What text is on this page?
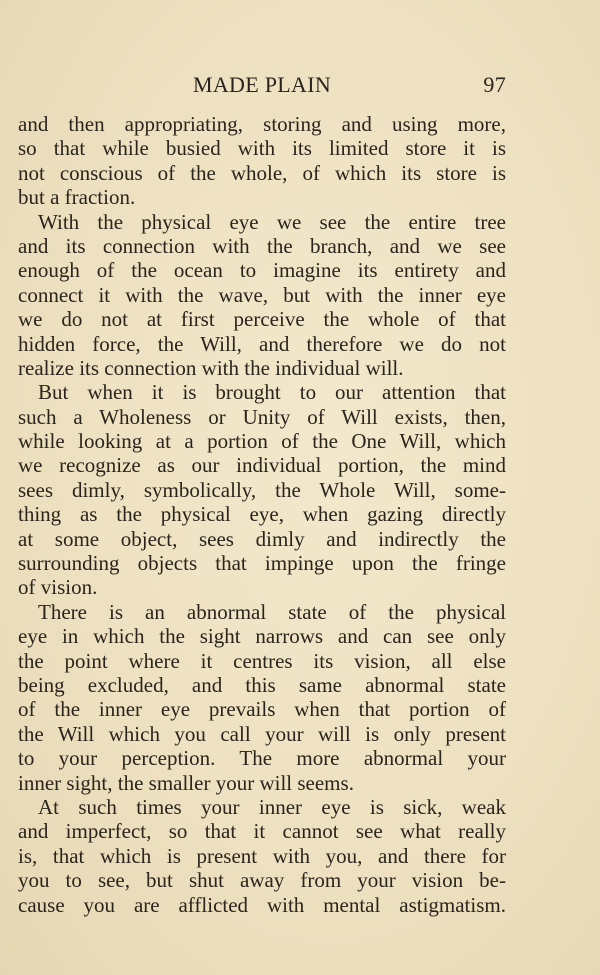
MADE PLAIN	97
and then appropriating, storing and using more,
so that while busied with its limited store it is
not conscious of the whole, of which its store is
but a fraction.
With the physical eye we see the entire tree
and its connection with the branch, and we see
enough of the ocean to imagine its entirety and
connect it with the wave, but with the inner eye
we do not at first perceive the whole of that
hidden force, the Will, and therefore we do not
realize its connection with the individual will.
But when it is brought to our attention that
such a Wholeness or Unity of Will exists, then,
while looking at a portion of the One Will, which
we recognize as our individual portion, the mind
sees dimly, symbolically, the Whole Will, some-
thing as the physical eye, when gazing directly
at some object, sees dimly and indirectly the
surrounding objects that impinge upon the fringe
of vision.
There is an abnormal state of the physical
eye in which the sight narrows and can see only
the point where it centres its vision, all else
being excluded, and this same abnormal state
of the inner eye prevails when that portion of
the Will which you call your will is only present
to your perception. The more abnormal your
inner sight, the smaller your will seems.
At such times your inner eye is sick, weak
and imperfect, so that it cannot see what really
is, that which is present with you, and there for
you to see, but shut away from your vision be-
cause you are afflicted with mental astigmatism.
